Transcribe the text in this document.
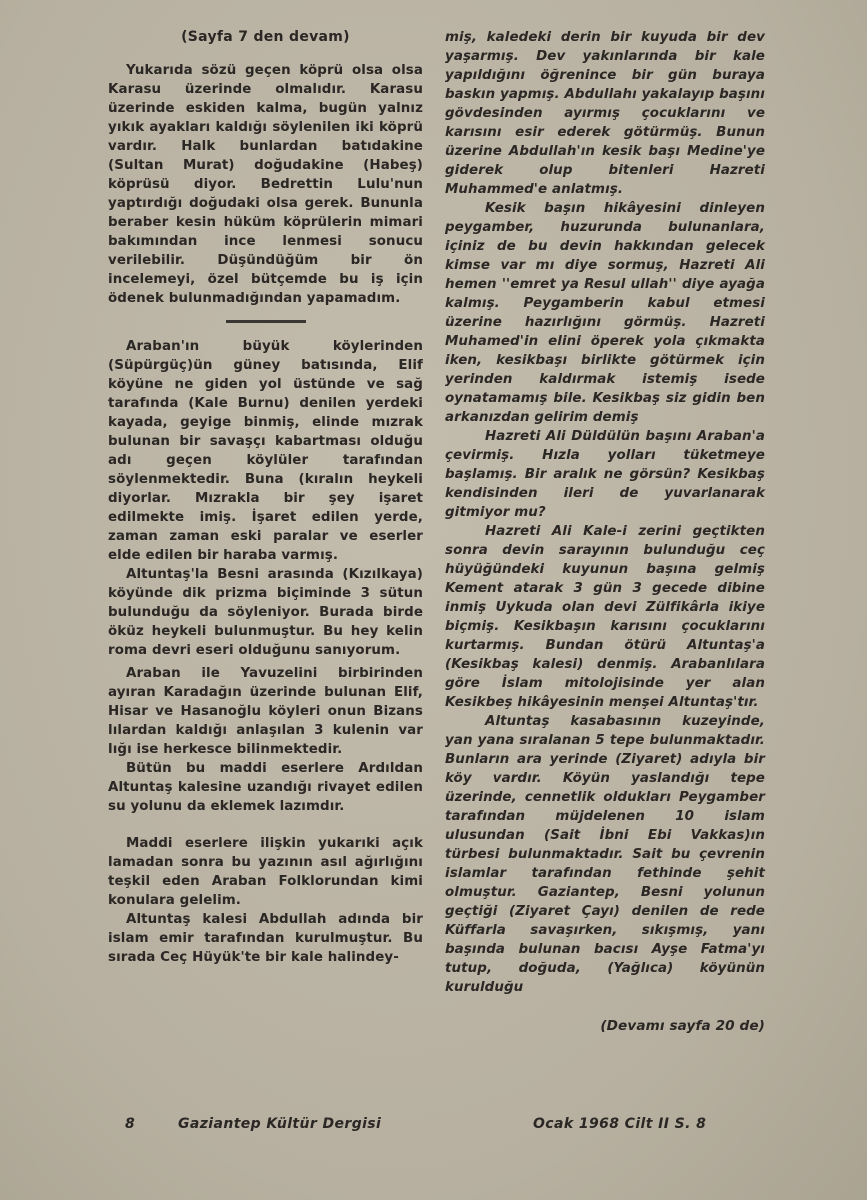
(Sayfa 7 den devam)

Yukarıda sözü geçen köprü olsa olsa Karasu üzerinde olmalıdır. Karasu üzerinde eskiden kalma, bugün yalnız yıkık ayakları kaldığı söylenilen iki köprü vardır. Halk bunlardan batıdakine (Sultan Murat) doğudakine (Habeş) köprüsü diyor. Bedrettin Lulu'nun yaptırdığı doğudaki olsa gerek. Bununla beraber kesin hüküm köprülerin mimari bakımından ince lenmesi sonucu verilebilir. Düşündüğüm bir ön incelemeyi, özel bütçemde bu iş için ödenek bulunmadığından yapamadım.

Araban'ın büyük köylerinden (Süpürgüç)ün güney batısında, Elif köyüne ne giden yol üstünde ve sağ tarafında (Kale Burnu) denilen yerdeki kayada, geyige binmiş, elinde mızrak bulunan bir savaşçı kabartması olduğu adı geçen köylüler tarafından söylenmektedir. Buna (kıralın heykeli diyorlar. Mızrakla bir şey işaret edilmekte imiş. İşaret edilen yerde, zaman zaman eski paralar ve eserler elde edilen bir haraba varmış.

Altuntaş'la Besni arasında (Kızılkaya) köyünde dik prizma biçiminde 3 sütun bulunduğu da söyleniyor. Burada birde öküz heykeli bulunmuştur. Bu hey kelin roma devri eseri olduğunu sanıyorum.

Araban ile Yavuzelini birbirinden ayıran Karadağın üzerinde bulunan Elif, Hisar ve Hasanoğlu köyleri onun Bizans lılardan kaldığı anlaşılan 3 kulenin var lığı ise herkesce bilinmektedir.

Bütün bu maddi eserlere Ardıldan Altuntaş kalesine uzandığı rivayet edilen su yolunu da eklemek lazımdır.

Maddi eserlere ilişkin yukarıki açık lamadan sonra bu yazının asıl ağırlığını teşkil eden Araban Folklorundan kimi konulara gelelim.

Altuntaş kalesi Abdullah adında bir islam emir tarafından kurulmuştur. Bu sırada Ceç Hüyük'te bir kale halindey-

miş, kaledeki derin bir kuyuda bir dev yaşarmış. Dev yakınlarında bir kale yapıldığını öğrenince bir gün buraya baskın yapmış. Abdullahı yakalayıp başını gövdesinden ayırmış çocuklarını ve karısını esir ederek götürmüş. Bunun üzerine Abdullah'ın kesik başı Medine'ye giderek olup bitenleri Hazreti Muhammed'e anlatmış.

Kesik başın hikâyesini dinleyen peygamber, huzurunda bulunanlara, içiniz de bu devin hakkından gelecek kimse var mı diye sormuş, Hazreti Ali hemen ''emret ya Resul ullah'' diye ayağa kalmış. Peygamberin kabul etmesi üzerine hazırlığını görmüş. Hazreti Muhamed'in elini öperek yola çıkmakta iken, kesikbaşı birlikte götürmek için yerinden kaldırmak istemiş isede oynatamamış bile. Kesikbaş siz gidin ben arkanızdan gelirim demiş

Hazreti Ali Düldülün başını Araban'a çevirmiş. Hızla yolları tüketmeye başlamış. Bir aralık ne görsün? Kesikbaş kendisinden ileri de yuvarlanarak gitmiyor mu?

Hazreti Ali Kale-i zerini geçtikten sonra devin sarayının bulunduğu ceç hüyüğündeki kuyunun başına gelmiş Kement atarak 3 gün 3 gecede dibine inmiş Uykuda olan devi Zülfikârla ikiye biçmiş. Kesikbaşın karısını çocuklarını kurtarmış. Bundan ötürü Altuntaş'a (Kesikbaş kalesi) denmiş. Arabanlılara göre İslam mitolojisinde yer alan Kesikbeş hikâyesinin menşei Altuntaş'tır.

Altuntaş kasabasının kuzeyinde, yan yana sıralanan 5 tepe bulunmaktadır. Bunların ara yerinde (Ziyaret) adıyla bir köy vardır. Köyün yaslandığı tepe üzerinde, cennetlik oldukları Peygamber tarafından müjdelenen 10 islam ulusundan (Sait İbni Ebi Vakkas)ın türbesi bulunmaktadır. Sait bu çevrenin islamlar tarafından fethinde şehit olmuştur. Gaziantep, Besni yolunun geçtiği (Ziyaret Çayı) denilen de rede Küffarla savaşırken, sıkışmış, yanı başında bulunan bacısı Ayşe Fatma'yı tutup, doğuda, (Yağlıca) köyünün kurulduğu

(Devamı sayfa 20 de)

8	Gaziantep Kültür Dergisi	Ocak 1968 Cilt II S. 8
